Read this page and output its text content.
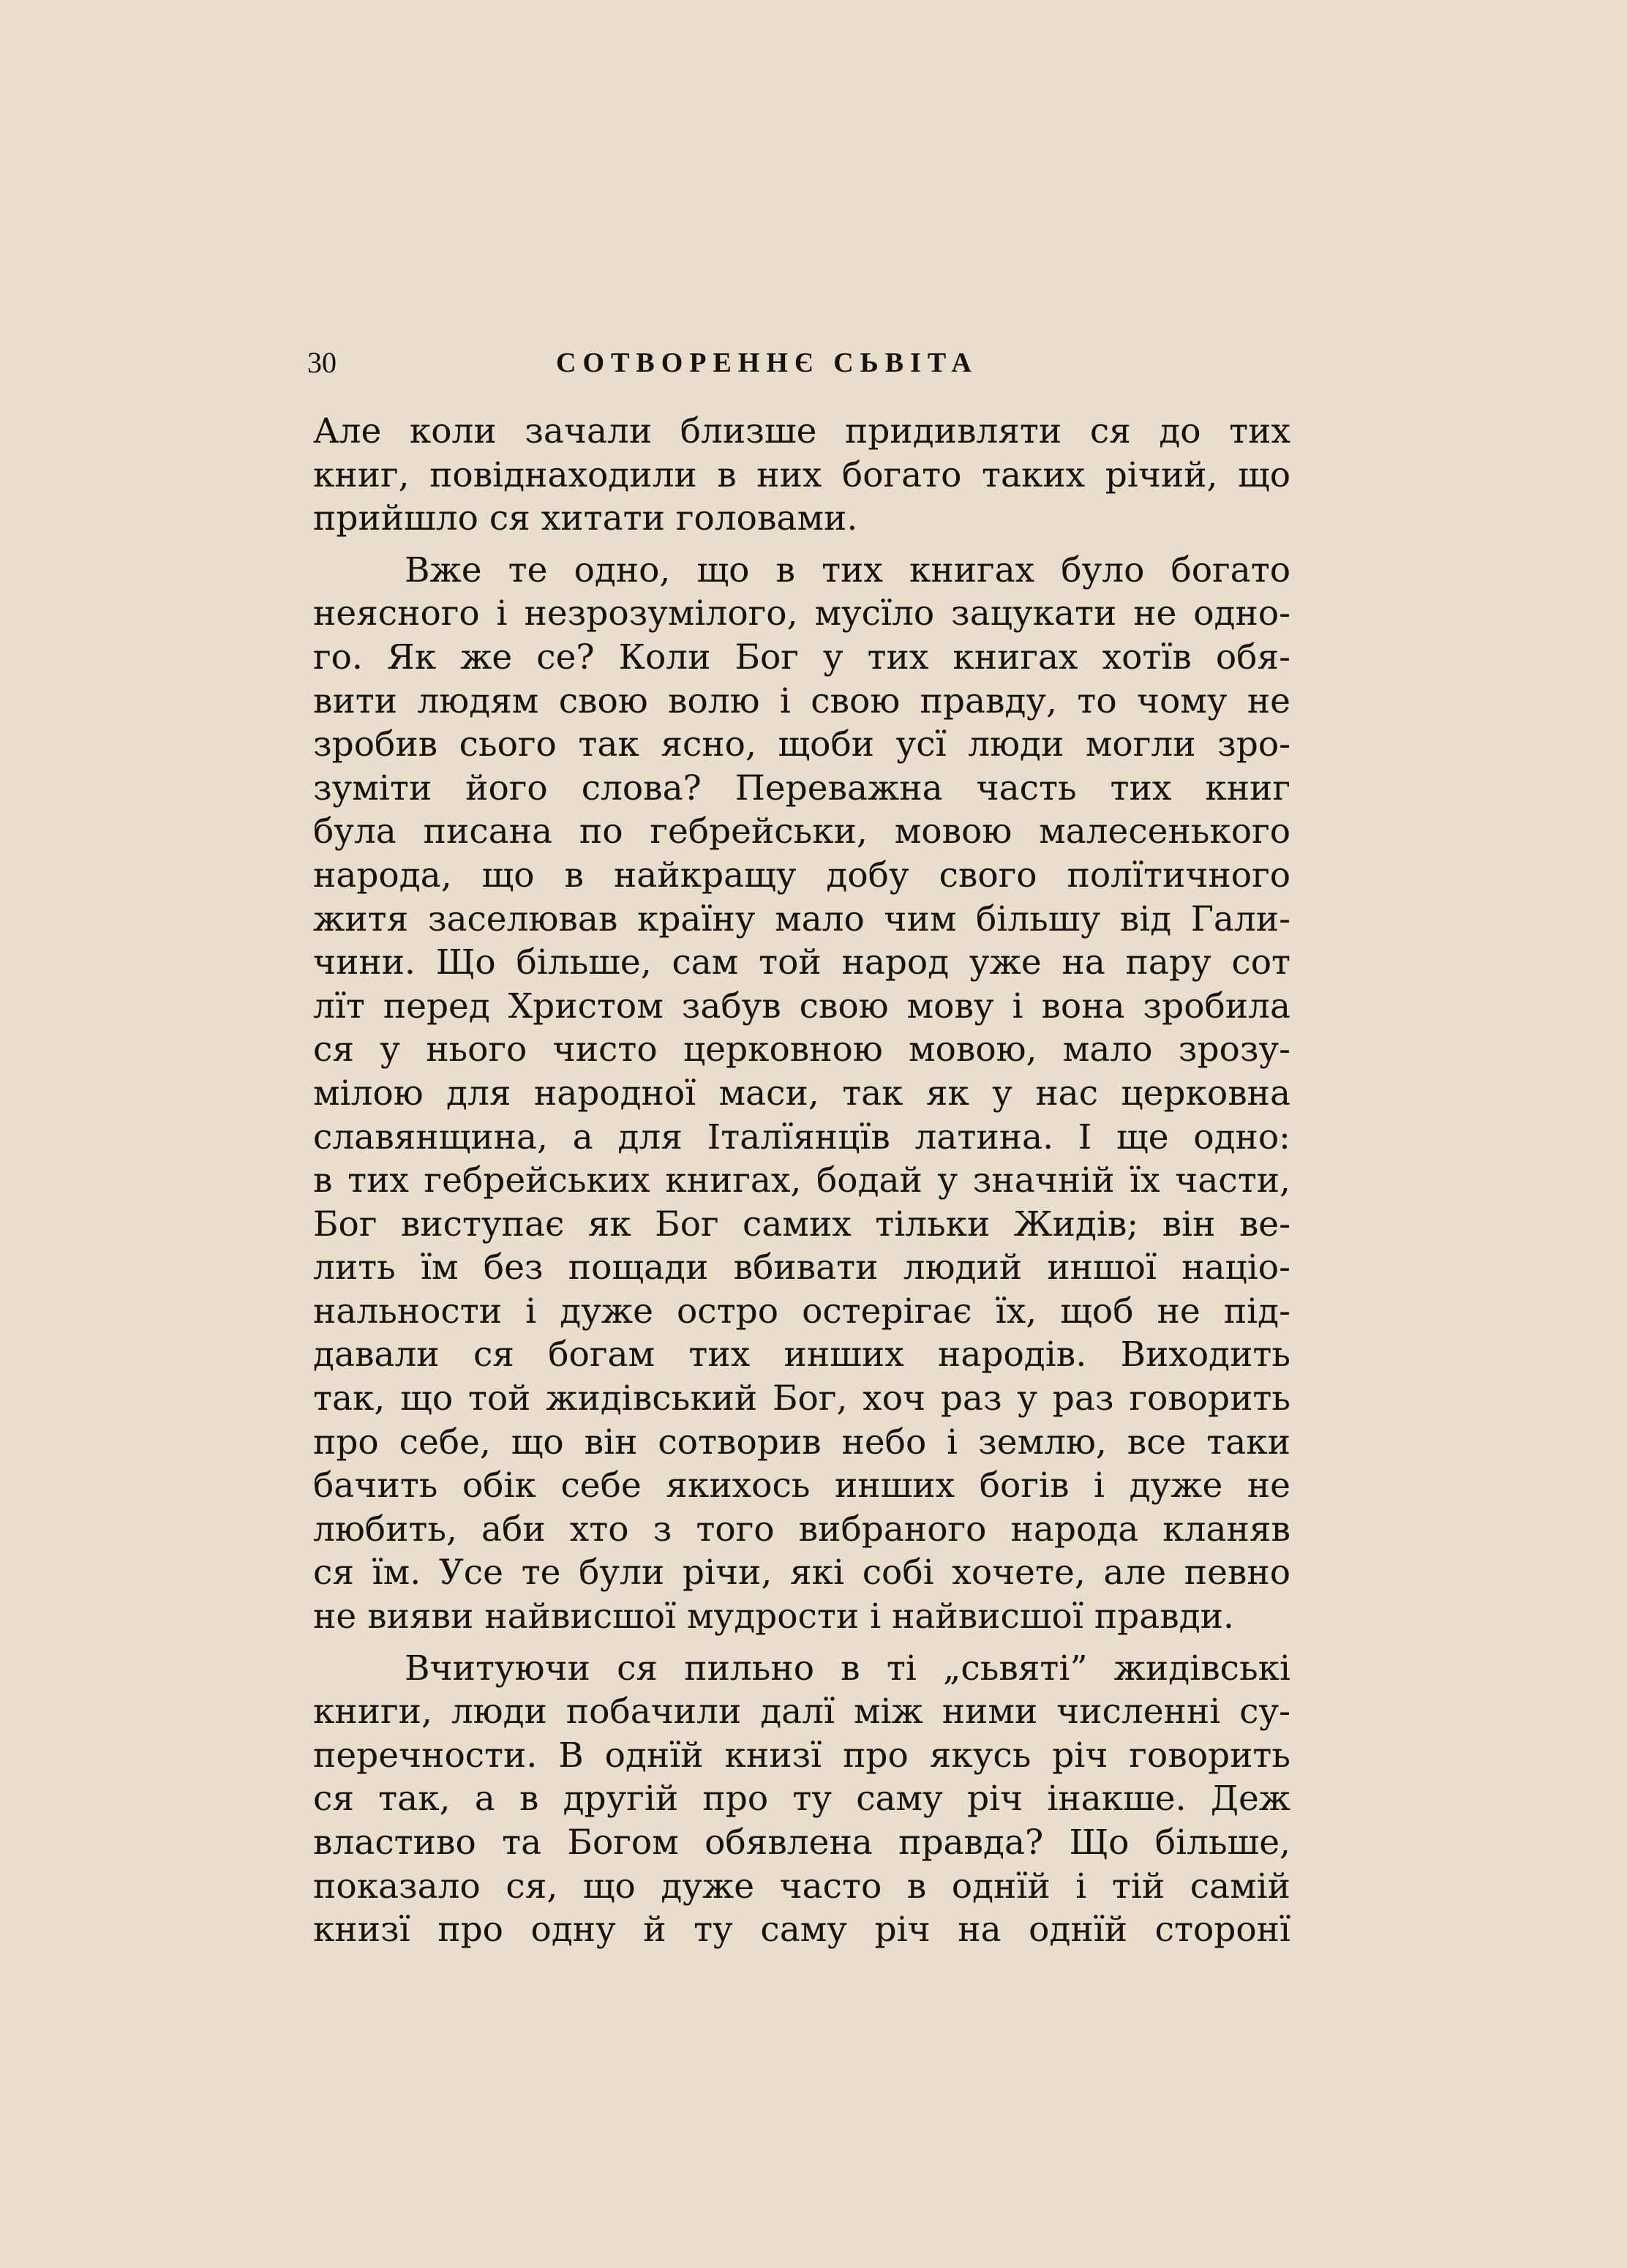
30	СОТВОРЕННЄ СЬВІТА
Але коли зачали близше придивляти ся до тих
книг, повіднаходили в них богато таких річий, що
прийшло ся хитати головами.
Вже те одно, що в тих книгах було богато
неясного і незрозумілого, мусїло зацукати не одно-
го. Як же се? Коли Бог у тих книгах хотїв обя-
вити людям свою волю і свою правду, то чому не
зробив сього так ясно, щоби усї люди могли зро-
зуміти його слова? Переважна часть тих книг
була писана по гебрейськи, мовою малесенького
народа, що в найкращу добу свого полїтичного
житя заселював країну мало чим більшу від Гали-
чини. Що більше, сам той народ уже на пару сот
лїт перед Христом забув свою мову і вона зробила
ся у нього чисто церковною мовою, мало зрозу-
мілою для народної маси, так як у нас церковна
славянщина, а для Італїянцїв латина. І ще одно:
в тих гебрейських книгах, бодай у значній їх части,
Бог виступає як Бог самих тільки Жидів; він ве-
лить їм без пощади вбивати людий иншої націо-
нальности і дуже остро остерігає їх, щоб не під-
давали ся богам тих инших народів. Виходить
так, що той жидівський Бог, хоч раз у раз говорить
про себе, що він сотворив небо і землю, все таки
бачить обік себе якихось инших богів і дуже не
любить, аби хто з того вибраного народа кланяв
ся їм. Усе те були річи, які собі хочете, але певно
не вияви найвисшої мудрости і найвисшої правди.
Вчитуючи ся пильно в ті „сьвяті” жидівські
книги, люди побачили далї між ними численні су-
перечности. В однїй книзї про якусь річ говорить
ся так, а в другій про ту саму річ інакше. Деж
властиво та Богом обявлена правда? Що більше,
показало ся, що дуже часто в однїй і тій самій
книзї про одну й ту саму річ на однїй сторонї
